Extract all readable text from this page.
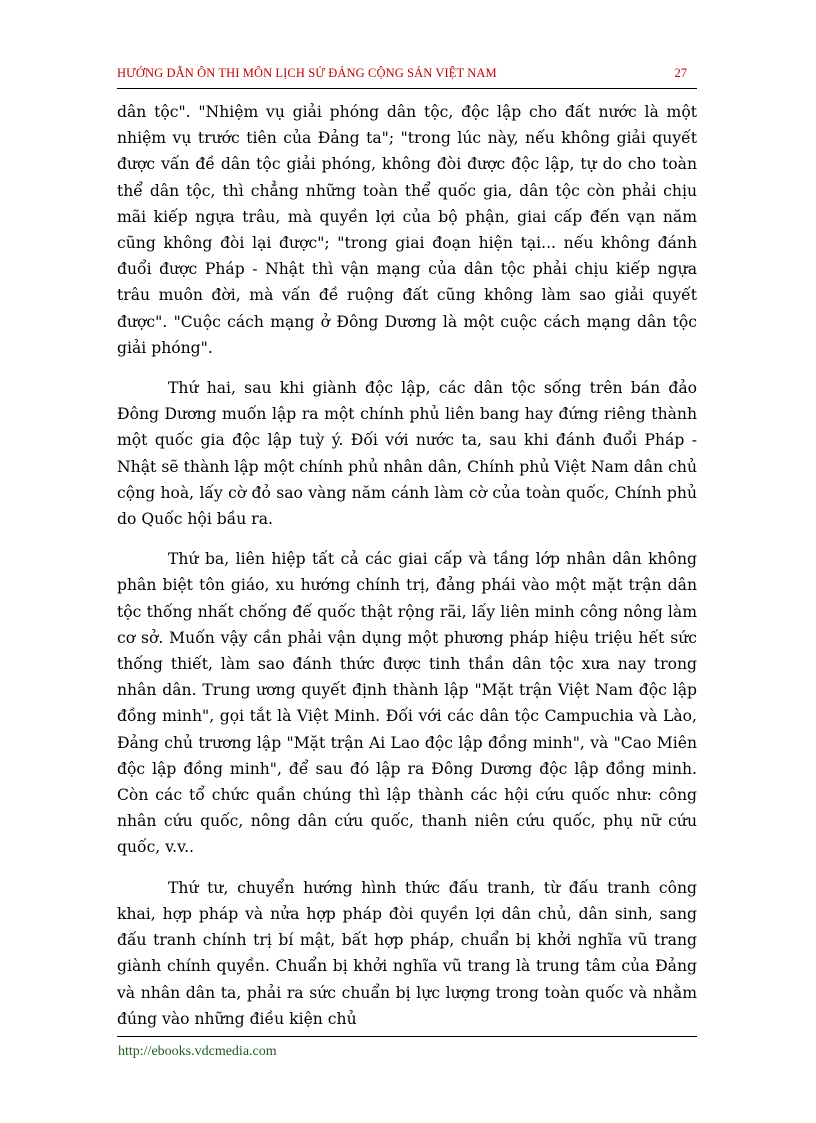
HƯỚNG DẪN ÔN THI MÔN LỊCH SỬ ĐẢNG CỘNG SẢN VIỆT NAM	27

dân tộc". "Nhiệm vụ giải phóng dân tộc, độc lập cho đất nước là một nhiệm vụ trước tiên của Đảng ta"; "trong lúc này, nếu không giải quyết được vấn đề dân tộc giải phóng, không đòi được độc lập, tự do cho toàn thể dân tộc, thì chẳng những toàn thể quốc gia, dân tộc còn phải chịu mãi kiếp ngựa trâu, mà quyền lợi của bộ phận, giai cấp đến vạn năm cũng không đòi lại được"; "trong giai đoạn hiện tại... nếu không đánh đuổi được Pháp - Nhật thì vận mạng của dân tộc phải chịu kiếp ngựa trâu muôn đời, mà vấn đề ruộng đất cũng không làm sao giải quyết được". "Cuộc cách mạng ở Đông Dương là một cuộc cách mạng dân tộc giải phóng".

Thứ hai, sau khi giành độc lập, các dân tộc sống trên bán đảo Đông Dương muốn lập ra một chính phủ liên bang hay đứng riêng thành một quốc gia độc lập tuỳ ý. Đối với nước ta, sau khi đánh đuổi Pháp - Nhật sẽ thành lập một chính phủ nhân dân, Chính phủ Việt Nam dân chủ cộng hoà, lấy cờ đỏ sao vàng năm cánh làm cờ của toàn quốc, Chính phủ do Quốc hội bầu ra.

Thứ ba, liên hiệp tất cả các giai cấp và tầng lớp nhân dân không phân biệt tôn giáo, xu hướng chính trị, đảng phái vào một mặt trận dân tộc thống nhất chống đế quốc thật rộng rãi, lấy liên minh công nông làm cơ sở. Muốn vậy cần phải vận dụng một phương pháp hiệu triệu hết sức thống thiết, làm sao đánh thức được tinh thần dân tộc xưa nay trong nhân dân. Trung ương quyết định thành lập "Mặt trận Việt Nam độc lập đồng minh", gọi tắt là Việt Minh. Đối với các dân tộc Campuchia và Lào, Đảng chủ trương lập "Mặt trận Ai Lao độc lập đồng minh", và "Cao Miên độc lập đồng minh", để sau đó lập ra Đông Dương độc lập đồng minh. Còn các tổ chức quần chúng thì lập thành các hội cứu quốc như: công nhân cứu quốc, nông dân cứu quốc, thanh niên cứu quốc, phụ nữ cứu quốc, v.v..

Thứ tư, chuyển hướng hình thức đấu tranh, từ đấu tranh công khai, hợp pháp và nửa hợp pháp đòi quyền lợi dân chủ, dân sinh, sang đấu tranh chính trị bí mật, bất hợp pháp, chuẩn bị khởi nghĩa vũ trang giành chính quyền. Chuẩn bị khởi nghĩa vũ trang là trung tâm của Đảng và nhân dân ta, phải ra sức chuẩn bị lực lượng trong toàn quốc và nhằm đúng vào những điều kiện chủ

http://ebooks.vdcmedia.com
